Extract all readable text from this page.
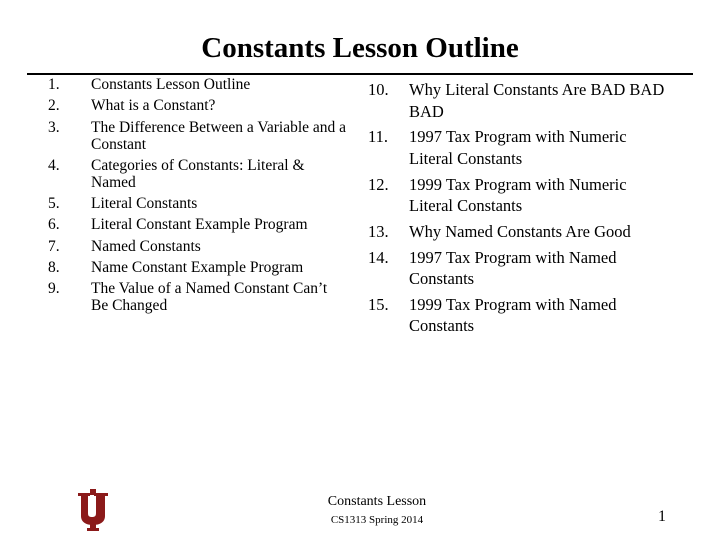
Constants Lesson Outline
1. Constants Lesson Outline
2. What is a Constant?
3. The Difference Between a Variable and a Constant
4. Categories of Constants: Literal & Named
5. Literal Constants
6. Literal Constant Example Program
7. Named Constants
8. Name Constant Example Program
9. The Value of a Named Constant Can’t Be Changed
10. Why Literal Constants Are BAD BAD BAD
11. 1997 Tax Program with Numeric Literal Constants
12. 1999 Tax Program with Numeric Literal Constants
13. Why Named Constants Are Good
14. 1997 Tax Program with Named Constants
15. 1999 Tax Program with Named Constants
Constants Lesson
CS1313 Spring 2014	1
